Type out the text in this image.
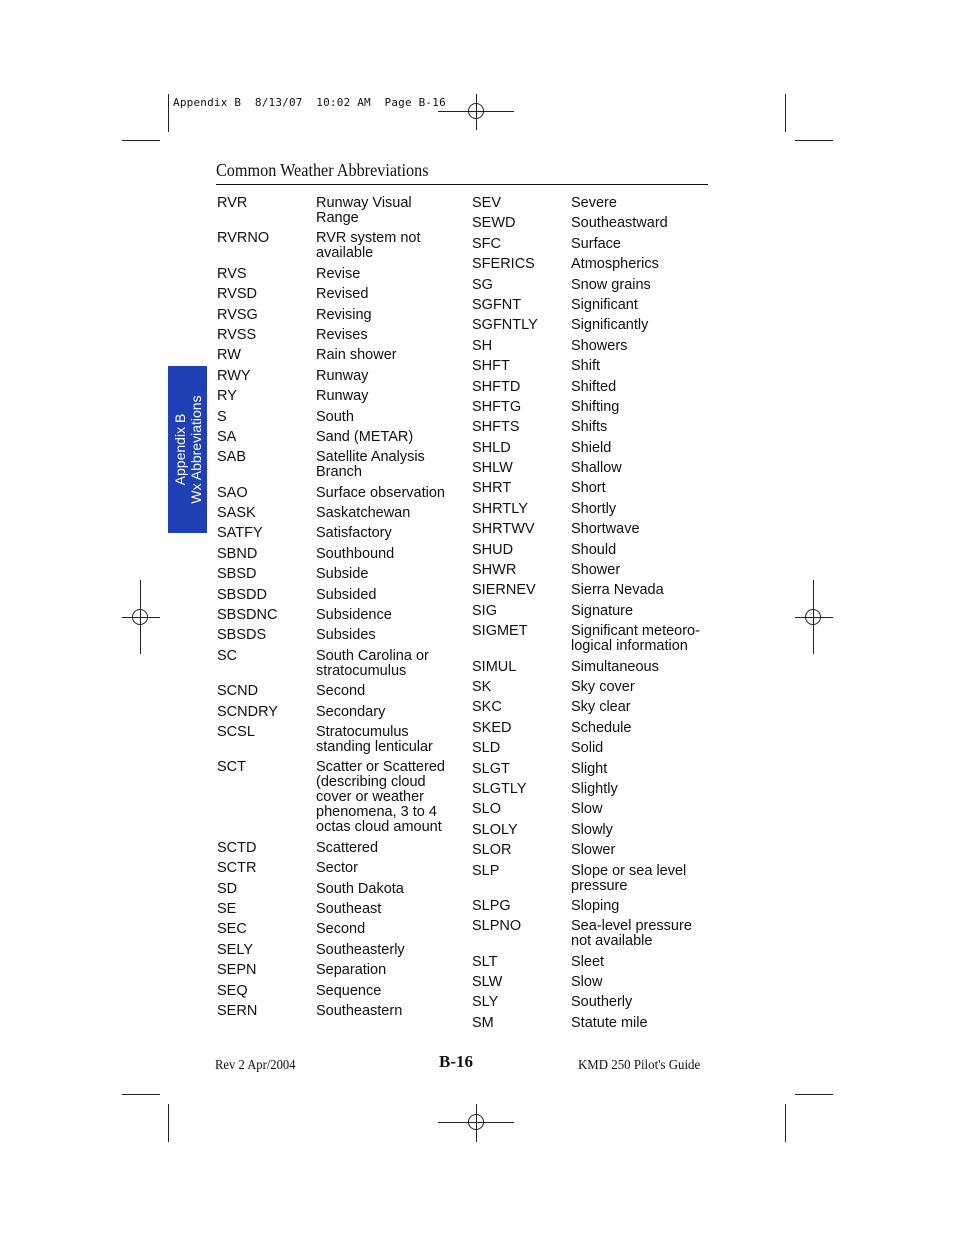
Appendix B  8/13/07  10:02 AM  Page B-16
Common Weather Abbreviations
Appendix B Wx Abbreviations
RVR	Runway Visual
Range
RVRNO	RVR system not
available
RVS	Revise
RVSD	Revised
RVSG	Revising
RVSS	Revises
RW	Rain shower
RWY	Runway
RY	Runway
S	South
SA	Sand (METAR)
SAB	Satellite Analysis
Branch
SAO	Surface observation
SASK	Saskatchewan
SATFY	Satisfactory
SBND	Southbound
SBSD	Subside
SBSDD	Subsided
SBSDNC	Subsidence
SBSDS	Subsides
SC	South Carolina or
stratocumulus
SCND	Second
SCNDRY	Secondary
SCSL	Stratocumulus
standing lenticular
SCT	Scatter or Scattered
(describing cloud
cover or weather
phenomena, 3 to 4
octas cloud amount
SCTD	Scattered
SCTR	Sector
SD	South Dakota
SE	Southeast
SEC	Second
SELY	Southeasterly
SEPN	Separation
SEQ	Sequence
SERN	Southeastern
SEV	Severe
SEWD	Southeastward
SFC	Surface
SFERICS	Atmospherics
SG	Snow grains
SGFNT	Significant
SGFNTLY	Significantly
SH	Showers
SHFT	Shift
SHFTD	Shifted
SHFTG	Shifting
SHFTS	Shifts
SHLD	Shield
SHLW	Shallow
SHRT	Short
SHRTLY	Shortly
SHRTWV	Shortwave
SHUD	Should
SHWR	Shower
SIERNEV	Sierra Nevada
SIG	Signature
SIGMET	Significant meteoro-
logical information
SIMUL	Simultaneous
SK	Sky cover
SKC	Sky clear
SKED	Schedule
SLD	Solid
SLGT	Slight
SLGTLY	Slightly
SLO	Slow
SLOLY	Slowly
SLOR	Slower
SLP	Slope or sea level
pressure
SLPG	Sloping
SLPNO	Sea-level pressure
not available
SLT	Sleet
SLW	Slow
SLY	Southerly
SM	Statute mile
Rev 2 Apr/2004	B-16	KMD 250 Pilot's Guide
